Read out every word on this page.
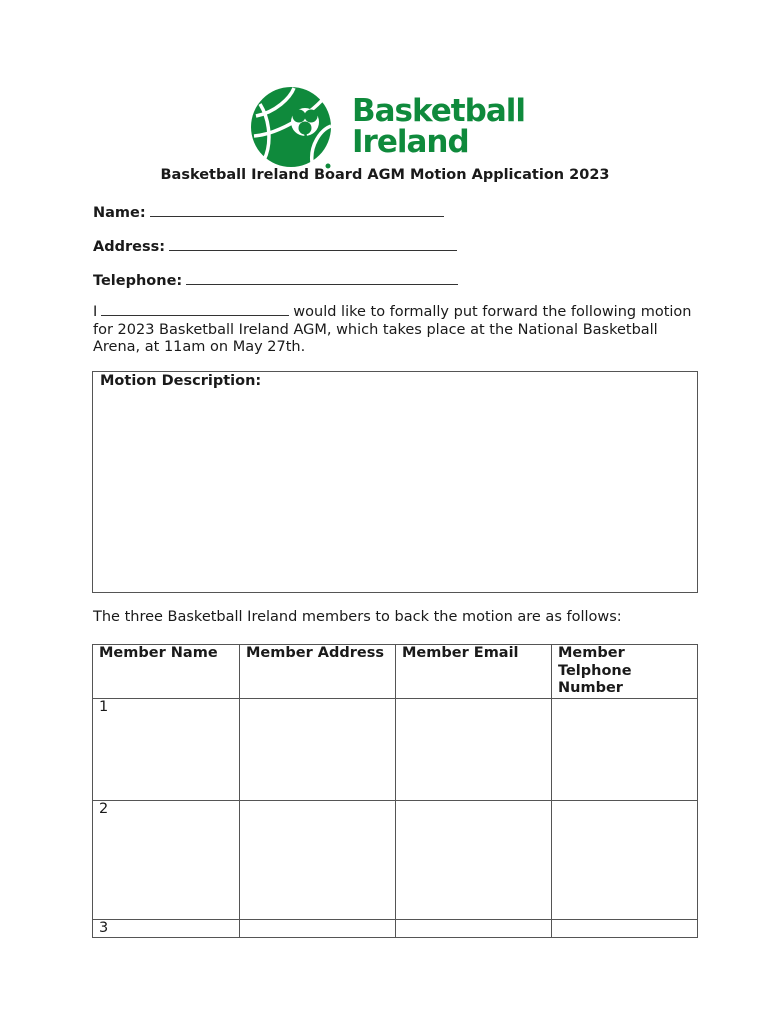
Basketball
Ireland
Basketball Ireland Board AGM Motion Application 2023
Name:
Address:
Telephone:
I	would like to formally put forward the following motion for 2023 Basketball Ireland AGM, which takes place at the National Basketball Arena, at 11am on May 27th.
Motion Description:
The three Basketball Ireland members to back the motion are as follows:
Member Name	Member Address	Member Email	Member Telphone Number
1			
2			
3			
